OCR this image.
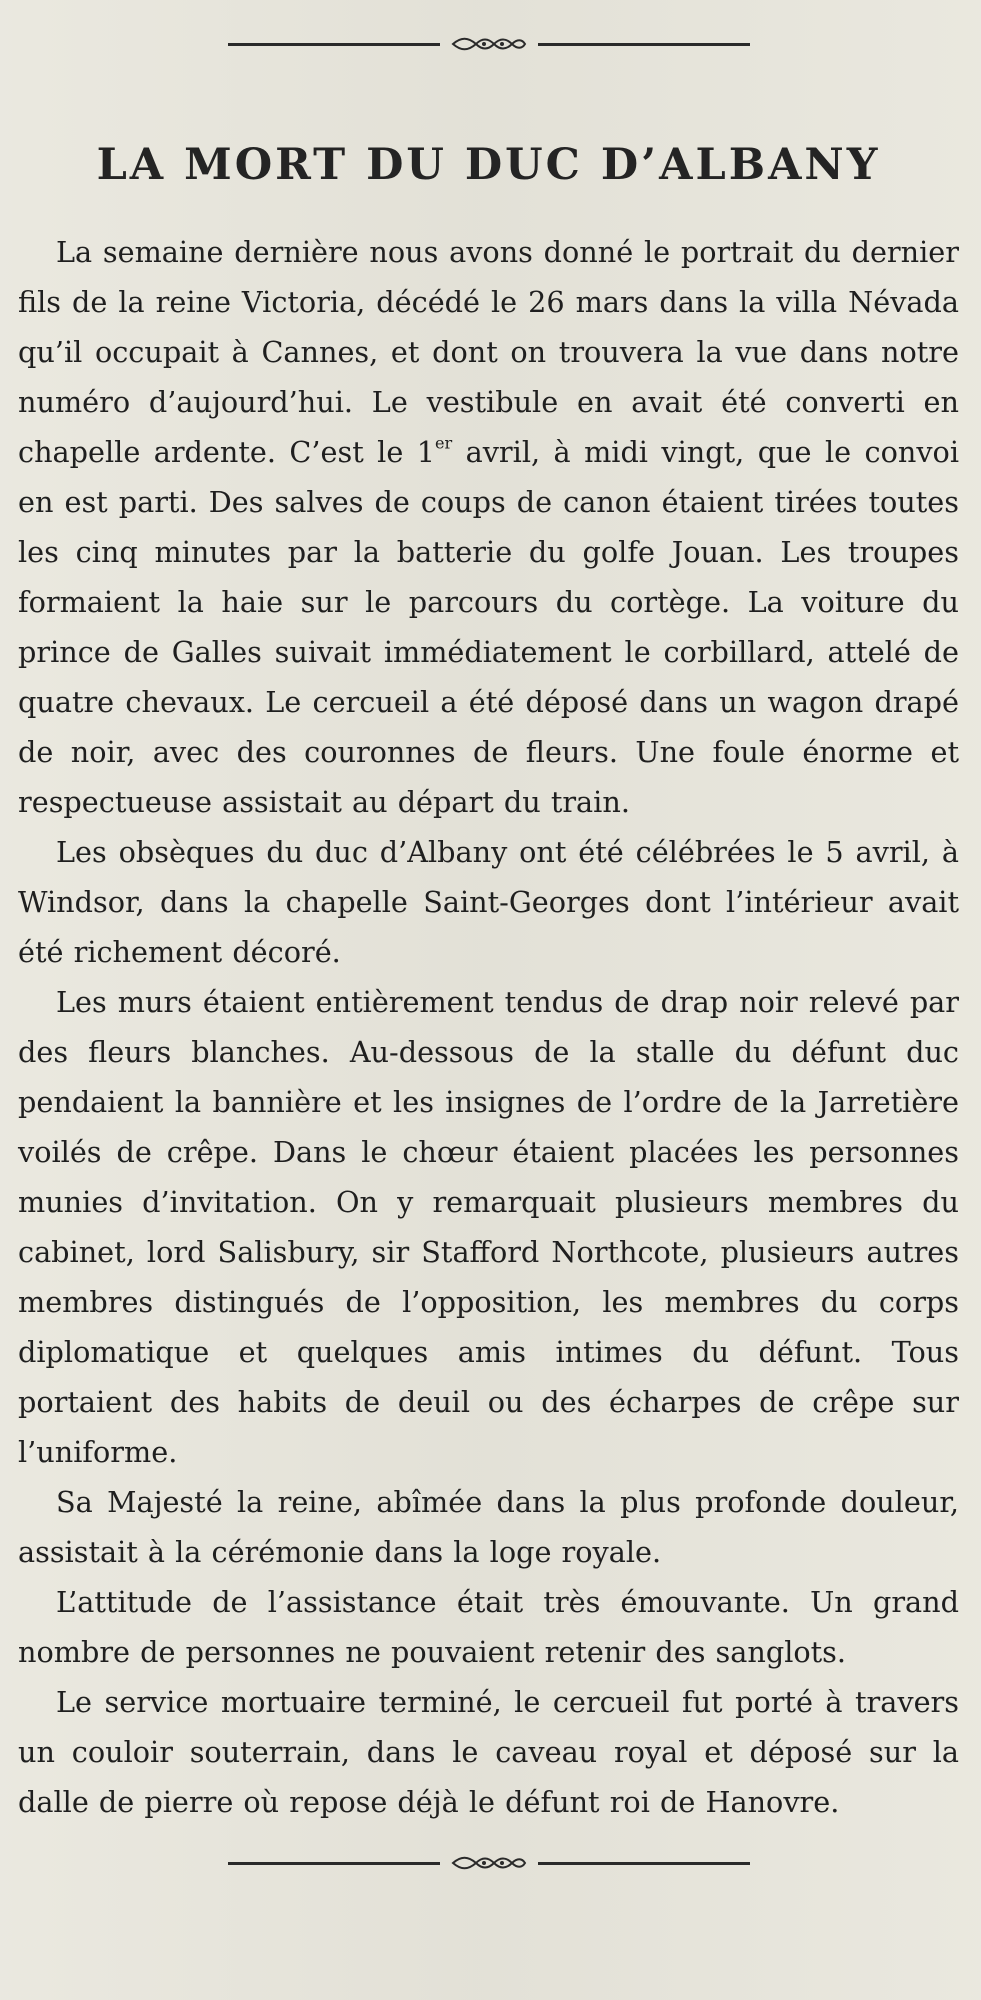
LA MORT DU DUC D’ALBANY

La semaine dernière nous avons donné le portrait du dernier fils de la reine Victoria, décédé le 26 mars dans la villa Névada qu’il occupait à Cannes, et dont on trouvera la vue dans notre numéro d’aujourd’hui. Le vestibule en avait été converti en chapelle ardente. C’est le 1er avril, à midi vingt, que le convoi en est parti. Des salves de coups de canon étaient tirées toutes les cinq minutes par la batterie du golfe Jouan. Les troupes formaient la haie sur le parcours du cortège. La voiture du prince de Galles suivait immédiatement le corbillard, attelé de quatre chevaux. Le cercueil a été déposé dans un wagon drapé de noir, avec des couronnes de fleurs. Une foule énorme et respectueuse assistait au départ du train.

Les obsèques du duc d’Albany ont été célébrées le 5 avril, à Windsor, dans la chapelle Saint-Georges dont l’intérieur avait été richement décoré.

Les murs étaient entièrement tendus de drap noir relevé par des fleurs blanches. Au-dessous de la stalle du défunt duc pendaient la bannière et les insignes de l’ordre de la Jarretière voilés de crêpe. Dans le chœur étaient placées les personnes munies d’invitation. On y remarquait plusieurs membres du cabinet, lord Salisbury, sir Stafford Northcote, plusieurs autres membres distingués de l’opposition, les membres du corps diplomatique et quelques amis intimes du défunt. Tous portaient des habits de deuil ou des écharpes de crêpe sur l’uniforme.

Sa Majesté la reine, abîmée dans la plus profonde douleur, assistait à la cérémonie dans la loge royale.

L’attitude de l’assistance était très émouvante. Un grand nombre de personnes ne pouvaient retenir des sanglots.

Le service mortuaire terminé, le cercueil fut porté à travers un couloir souterrain, dans le caveau royal et déposé sur la dalle de pierre où repose déjà le défunt roi de Hanovre.
